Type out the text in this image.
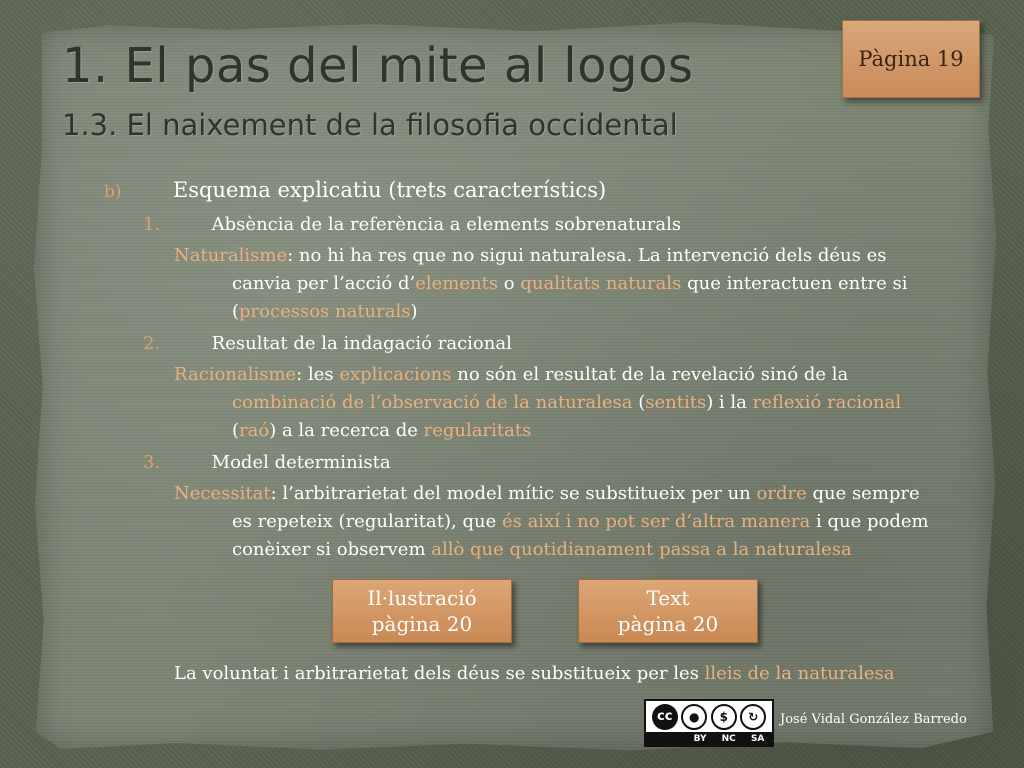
1. El pas del mite al logos
1.3. El naixement de la filosofia occidental
Pàgina 19

b) Esquema explicatiu (trets característics)

1.	Absència de la referència a elements sobrenaturals

Naturalisme: no hi ha res que no sigui naturalesa. La intervenció dels déus es

canvia per l’acció d’elements o qualitats naturals que interactuen entre si

(processos naturals)

2.	Resultat de la indagació racional

Racionalisme: les explicacions no són el resultat de la revelació sinó de la

combinació de l’observació de la naturalesa (sentits) i la reflexió racional

(raó) a la recerca de regularitats

3.	Model determinista

Necessitat: l’arbitrarietat del model mític se substitueix per un ordre que sempre

es repeteix (regularitat), que és així i no pot ser d’altra manera i que podem

conèixer si observem allò que quotidianament passa a la naturalesa

Il·lustració
pàgina 20
Text
pàgina 20

La voluntat i arbitrarietat dels déus se substitueix per les lleis de la naturalesa

cc	●	$	↻
BY NC SA
José Vidal González Barredo
